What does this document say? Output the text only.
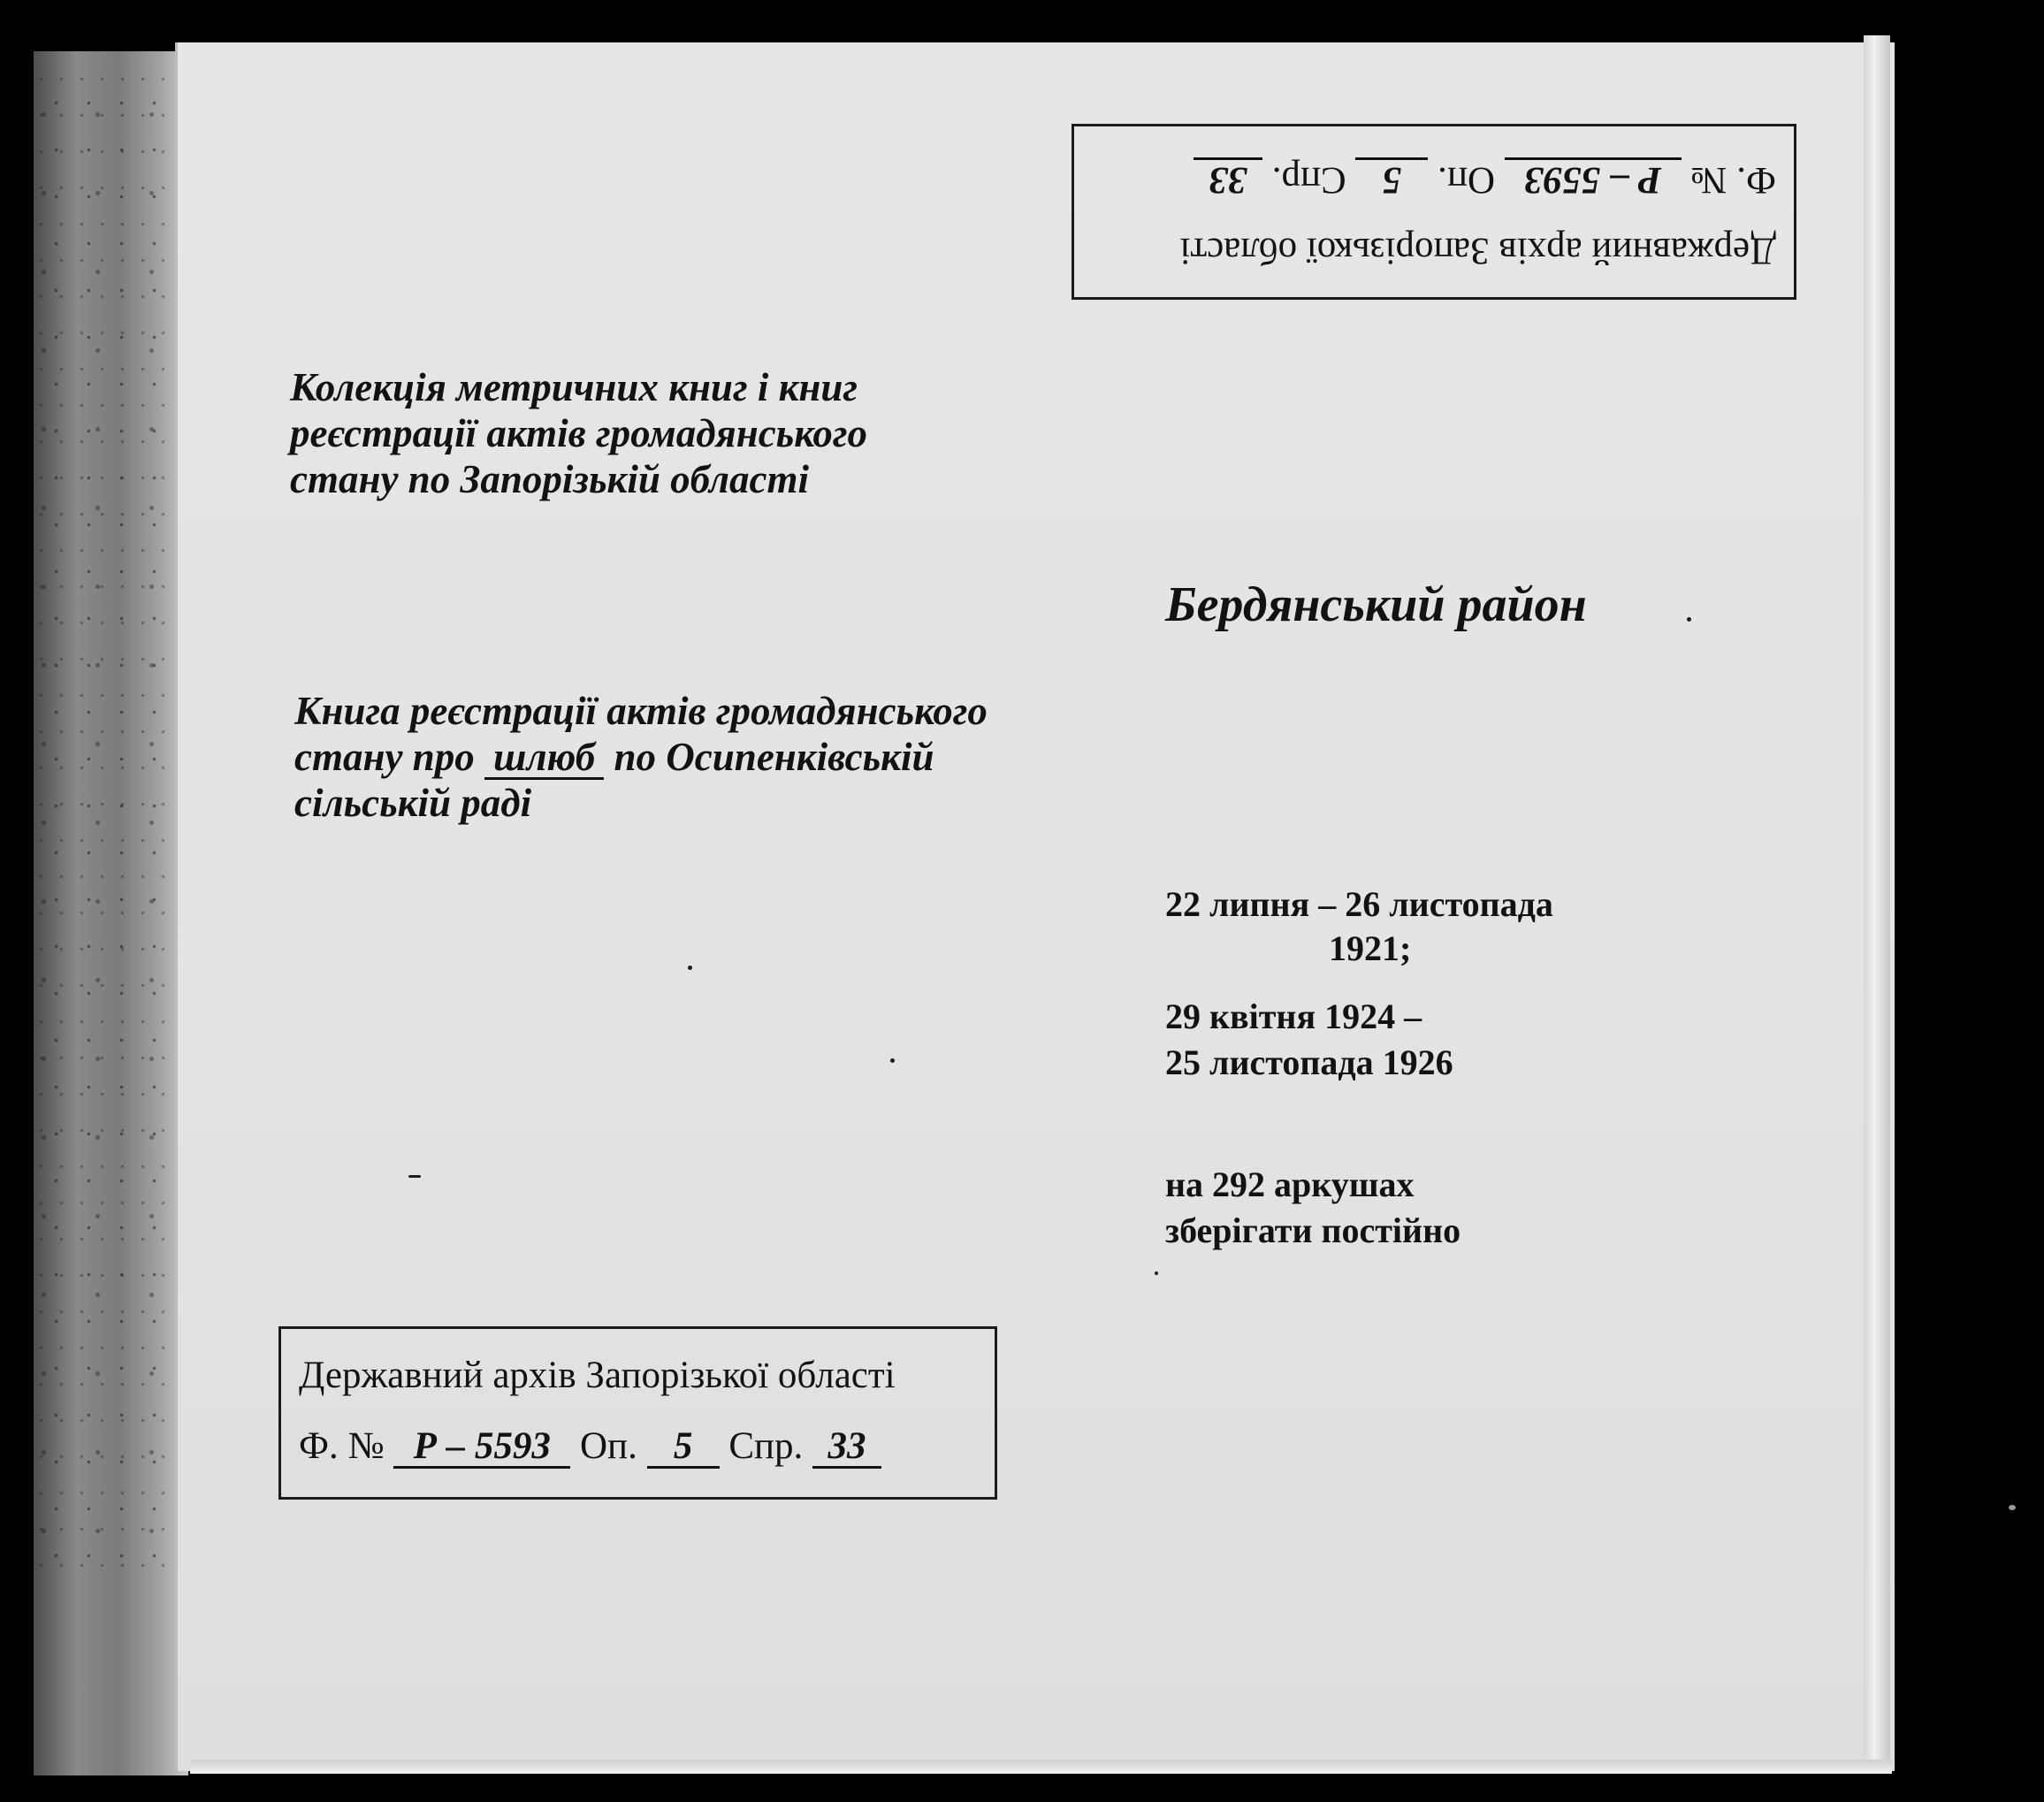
Державний архів Запорізької області
Ф. № Р – 5593 Оп. 5 Спр. 33
Колекція метричних книг і книг
реєстрації актів громадянського
стану по Запорізькій області
Бердянський район
Книга реєстрації актів громадянського
стану про шлюб по Осипенківській
сільській раді
22 липня – 26 листопада
1921;
29 квітня 1924 –
25 листопада 1926
на 292 аркушах
зберігати постійно
Державний архів Запорізької області
Ф. № Р – 5593 Оп. 5 Спр. 33
